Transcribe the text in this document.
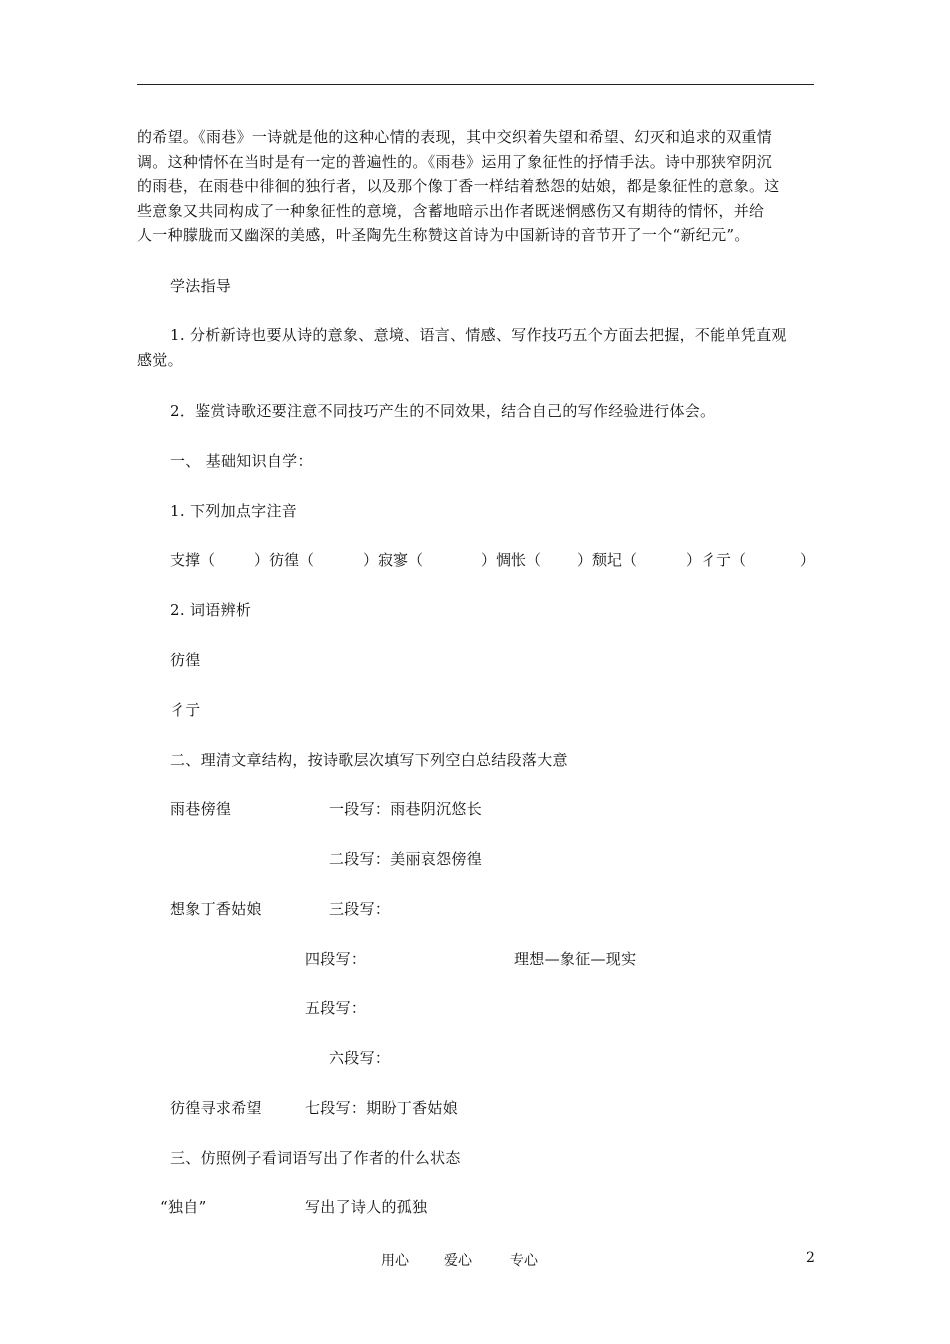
的希望。《雨巷》一诗就是他的这种心情的表现，其中交织着失望和希望、幻灭和追求的双重情
调。这种情怀在当时是有一定的普遍性的。《雨巷》运用了象征性的抒情手法。诗中那狭窄阴沉
的雨巷，在雨巷中徘徊的独行者，以及那个像丁香一样结着愁怨的姑娘，都是象征性的意象。这
些意象又共同构成了一种象征性的意境，含蓄地暗示出作者既迷惘感伤又有期待的情怀，并给
人一种朦胧而又幽深的美感，叶圣陶先生称赞这首诗为中国新诗的音节开了一个“新纪元”。
学法指导
1. 分析新诗也要从诗的意象、意境、语言、情感、写作技巧五个方面去把握，不能单凭直观
感觉。
2．鉴赏诗歌还要注意不同技巧产生的不同效果，结合自己的写作经验进行体会。
一、 基础知识自学：
1. 下列加点字注音
支撑（	）彷徨（	）寂寥（	）惆怅（ ）颓圮（	）彳亍（	）
2. 词语辨析
彷徨
彳亍
二、理清文章结构，按诗歌层次填写下列空白总结段落大意
雨巷傍徨	一段写：雨巷阴沉悠长
二段写：美丽哀怨傍徨
想象丁香姑娘	三段写：
四段写：	理想—象征—现实
五段写：
六段写：
彷徨寻求希望	七段写：期盼丁香姑娘
三、仿照例子看词语写出了作者的什么状态
“独自”	写出了诗人的孤独
用心	爱心	专心	2
